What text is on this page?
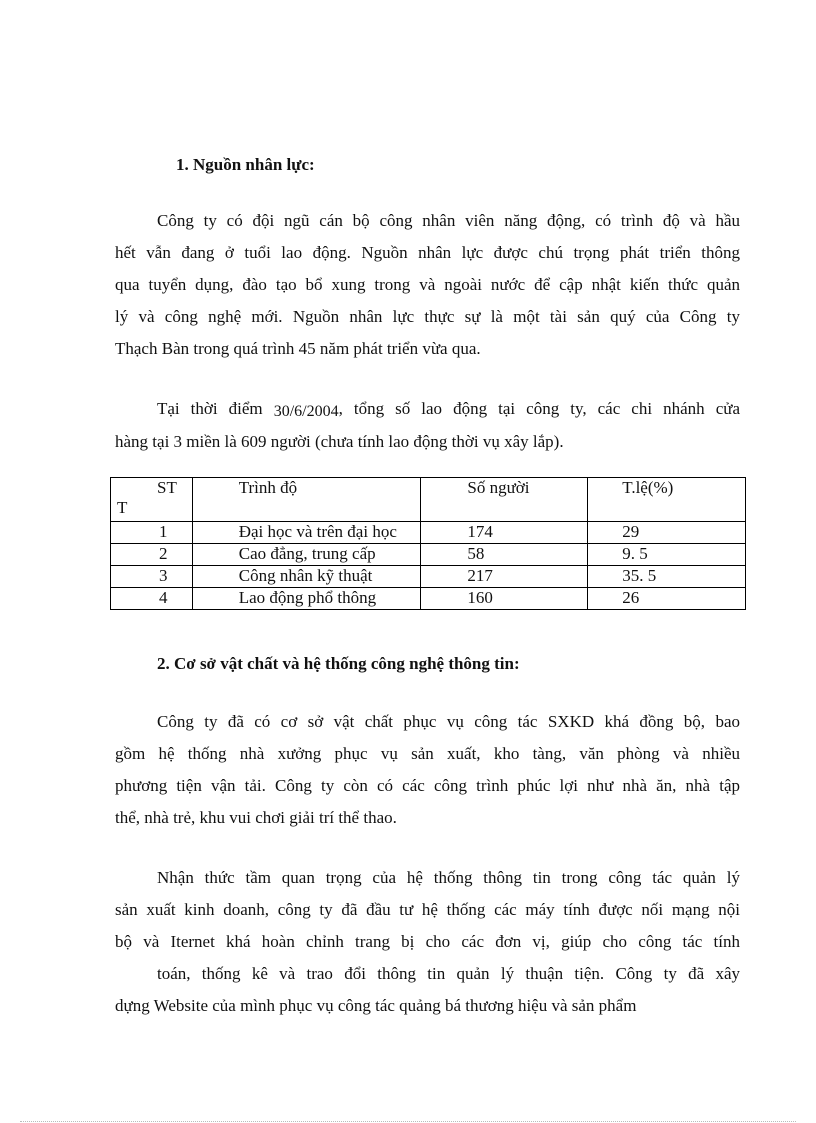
1. Nguồn nhân lực:
Công ty có đội ngũ cán bộ công nhân viên năng động, có trình độ và hầu
hết vẫn đang ở tuổi lao động. Nguồn nhân lực được chú trọng phát triển thông
qua tuyển dụng, đào tạo bổ xung trong và ngoài nước để cập nhật kiến thức quản
lý và công nghệ mới. Nguồn nhân lực thực sự là một tài sản quý của Công ty
Thạch Bàn trong quá trình 45 năm phát triển vừa qua.
Tại thời điểm 30/6/2004, tổng số lao động tại công ty, các chi nhánh cửa
hàng tại 3 miền là 609 người (chưa tính lao động thời vụ xây lắp).
ST
T	Trình độ	Số người	T.lệ(%)
1	Đại học và trên đại học	174	29
2	Cao đẳng, trung cấp	58	9. 5
3	Công nhân kỹ thuật	217	35. 5
4	Lao động phổ thông	160	26
2. Cơ sở vật chất và hệ thống công nghệ thông tin:
Công ty đã có cơ sở vật chất phục vụ công tác SXKD khá đồng bộ, bao
gồm hệ thống nhà xưởng phục vụ sản xuất, kho tàng, văn phòng và nhiều
phương tiện vận tải. Công ty còn có các công trình phúc lợi như nhà ăn, nhà tập
thể, nhà trẻ, khu vui chơi giải trí thể thao.
Nhận thức tầm quan trọng của hệ thống thông tin trong công tác quản lý
sản xuất kinh doanh, công ty đã đầu tư hệ thống các máy tính được nối mạng nội
bộ và Iternet khá hoàn chỉnh trang bị cho các đơn vị, giúp cho công tác tính
toán, thống kê và trao đổi thông tin quản lý thuận tiện. Công ty đã xây
dựng Website của mình phục vụ công tác quảng bá thương hiệu và sản phẩm
